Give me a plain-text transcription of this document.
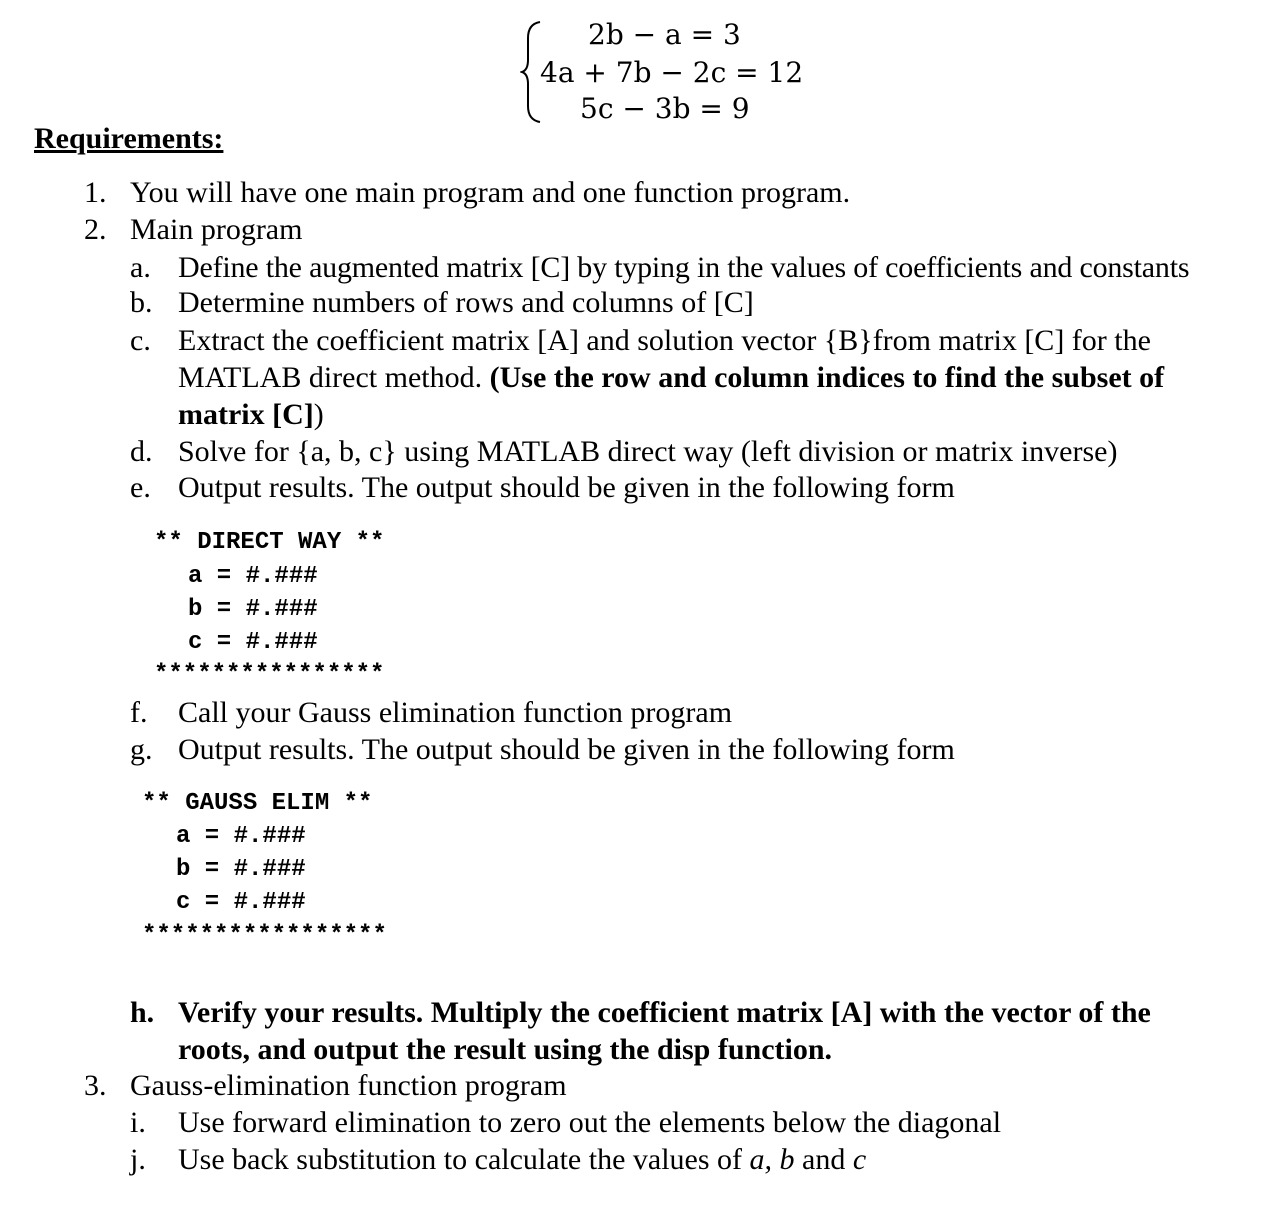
2b − a = 3
4a + 7b − 2c = 12
5c − 3b = 9
Requirements:
1. You will have one main program and one function program.
2. Main program
a. Define the augmented matrix [C] by typing in the values of coefficients and constants
b. Determine numbers of rows and columns of [C]
c. Extract the coefficient matrix [A] and solution vector {B}from matrix [C] for the
MATLAB direct method. (Use the row and column indices to find the subset of
matrix [C])
d. Solve for {a, b, c} using MATLAB direct way (left division or matrix inverse)
e. Output results. The output should be given in the following form
** DIRECT WAY **
a = #.###
b = #.###
c = #.###
****************
f. Call your Gauss elimination function program
g. Output results. The output should be given in the following form
** GAUSS ELIM **
a = #.###
b = #.###
c = #.###
*****************
h. Verify your results. Multiply the coefficient matrix [A] with the vector of the
roots, and output the result using the disp function.
3. Gauss-elimination function program
i. Use forward elimination to zero out the elements below the diagonal
j. Use back substitution to calculate the values of a, b and c
